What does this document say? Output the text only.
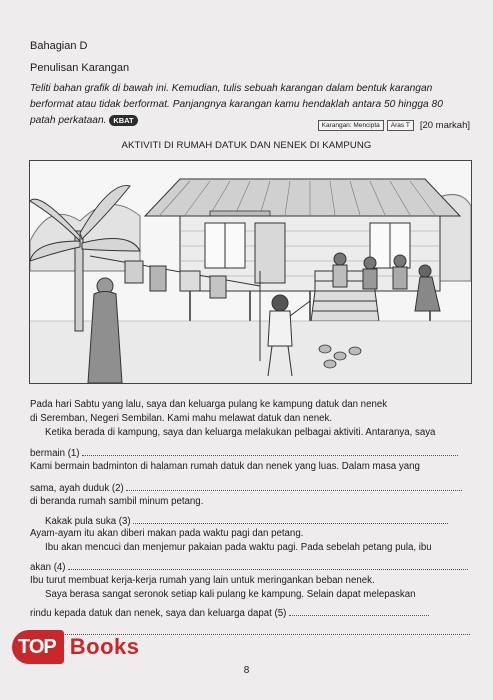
Bahagian D
Penulisan Karangan
Teliti bahan grafik di bawah ini. Kemudian, tulis sebuah karangan dalam bentuk karangan berformat atau tidak berformat. Panjangnya karangan kamu hendaklah antara 50 hingga 80 patah perkataan. KBAT
Karangan: Mencipta	Aras T	[20 markah]
AKTIVITI DI RUMAH DATUK DAN NENEK DI KAMPUNG
Pada hari Sabtu yang lalu, saya dan keluarga pulang ke kampung datuk dan nenek
di Seremban, Negeri Sembilan. Kami mahu melawat datuk dan nenek.
Ketika berada di kampung, saya dan keluarga melakukan pelbagai aktiviti. Antaranya, saya
bermain (1)
Kami bermain badminton di halaman rumah datuk dan nenek yang luas. Dalam masa yang
sama, ayah duduk (2)
di beranda rumah sambil minum petang.
Kakak pula suka (3)
Ayam-ayam itu akan diberi makan pada waktu pagi dan petang.
Ibu akan mencuci dan menjemur pakaian pada waktu pagi. Pada sebelah petang pula, ibu
akan (4)
Ibu turut membuat kerja-kerja rumah yang lain untuk meringankan beban nenek.
Saya berasa sangat seronok setiap kali pulang ke kampung. Selain dapat melepaskan
rindu kepada datuk dan nenek, saya dan keluarga dapat (5)
TOP Books
8
